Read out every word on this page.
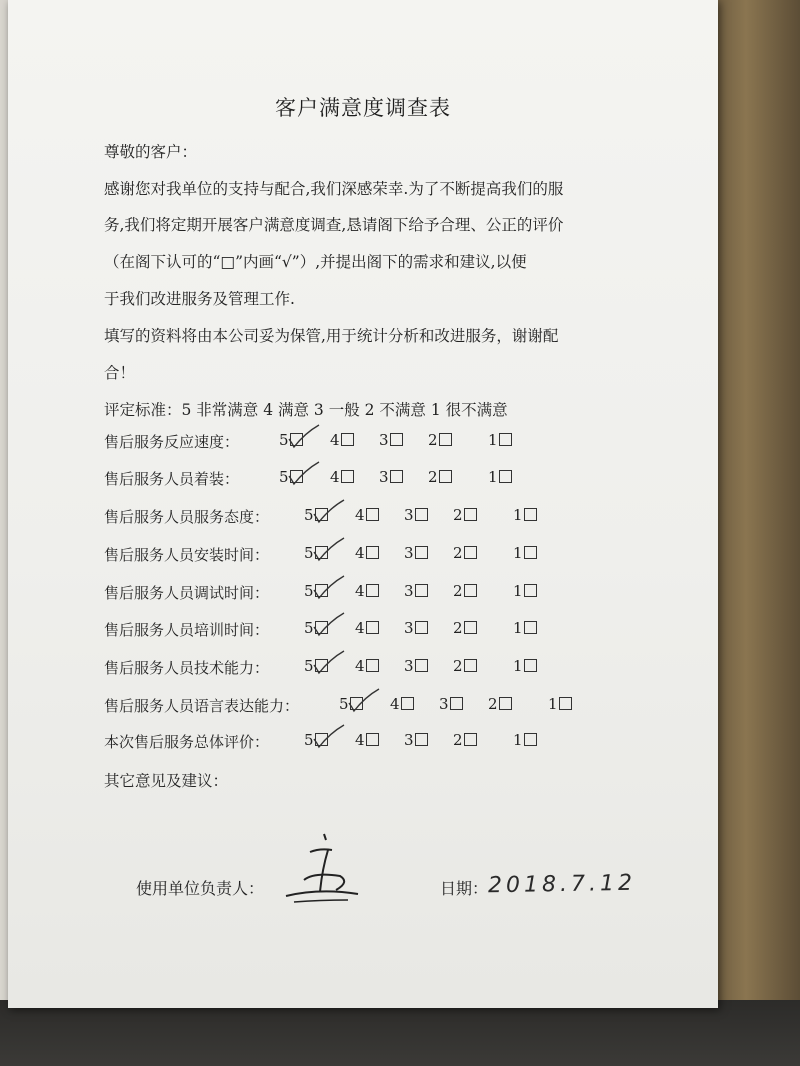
客户满意度调查表
尊敬的客户：
感谢您对我单位的支持与配合,我们深感荣幸.为了不断提高我们的服
务,我们将定期开展客户满意度调查,恳请阁下给予合理、公正的评价
（在阁下认可的“□”内画“√”）,并提出阁下的需求和建议,以便
于我们改进服务及管理工作.
填写的资料将由本公司妥为保管,用于统计分析和改进服务，谢谢配
合！
评定标准：5 非常满意 4 满意 3 一般 2 不满意 1 很不满意
售后服务反应速度：	5	4	3	2	1
售后服务人员着装：	5	4	3	2	1
售后服务人员服务态度： 5	4	3	2	1
售后服务人员安装时间： 5	4	3	2	1
售后服务人员调试时间： 5	4	3	2	1
售后服务人员培训时间： 5	4	3	2	1
售后服务人员技术能力： 5	4	3	2	1
售后服务人员语言表达能力：	5	4	3	2	1
本次售后服务总体评价： 5	4	3	2	1
其它意见及建议：
使用单位负责人：	日期： 2018.7.12
